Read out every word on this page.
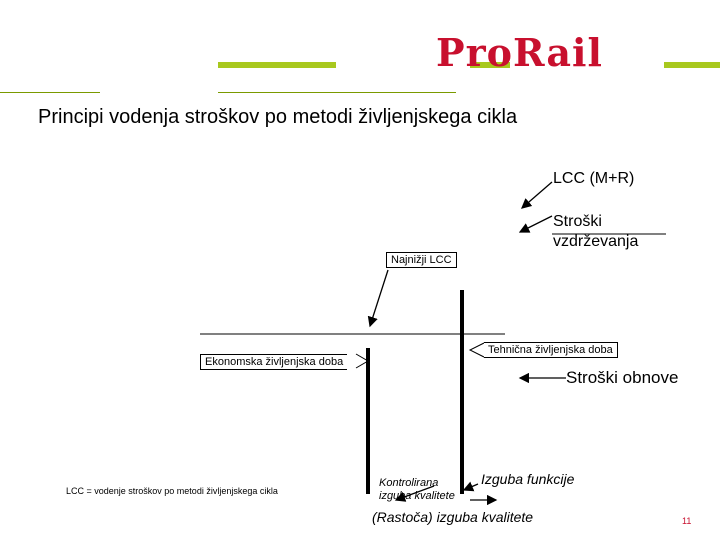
ProRail
Principi vodenja stroškov po metodi življenjskega cikla
LCC (M+R)
Stroški
vzdrževanja
Najnižji LCC
Tehnična življenjska doba
Ekonomska življenjska doba
Stroški obnove
Izguba funkcije
Kontrolirana
izguba kvalitete
(Rastoča) izguba kvalitete
LCC = vodenje stroškov po metodi življenjskega cikla
11
